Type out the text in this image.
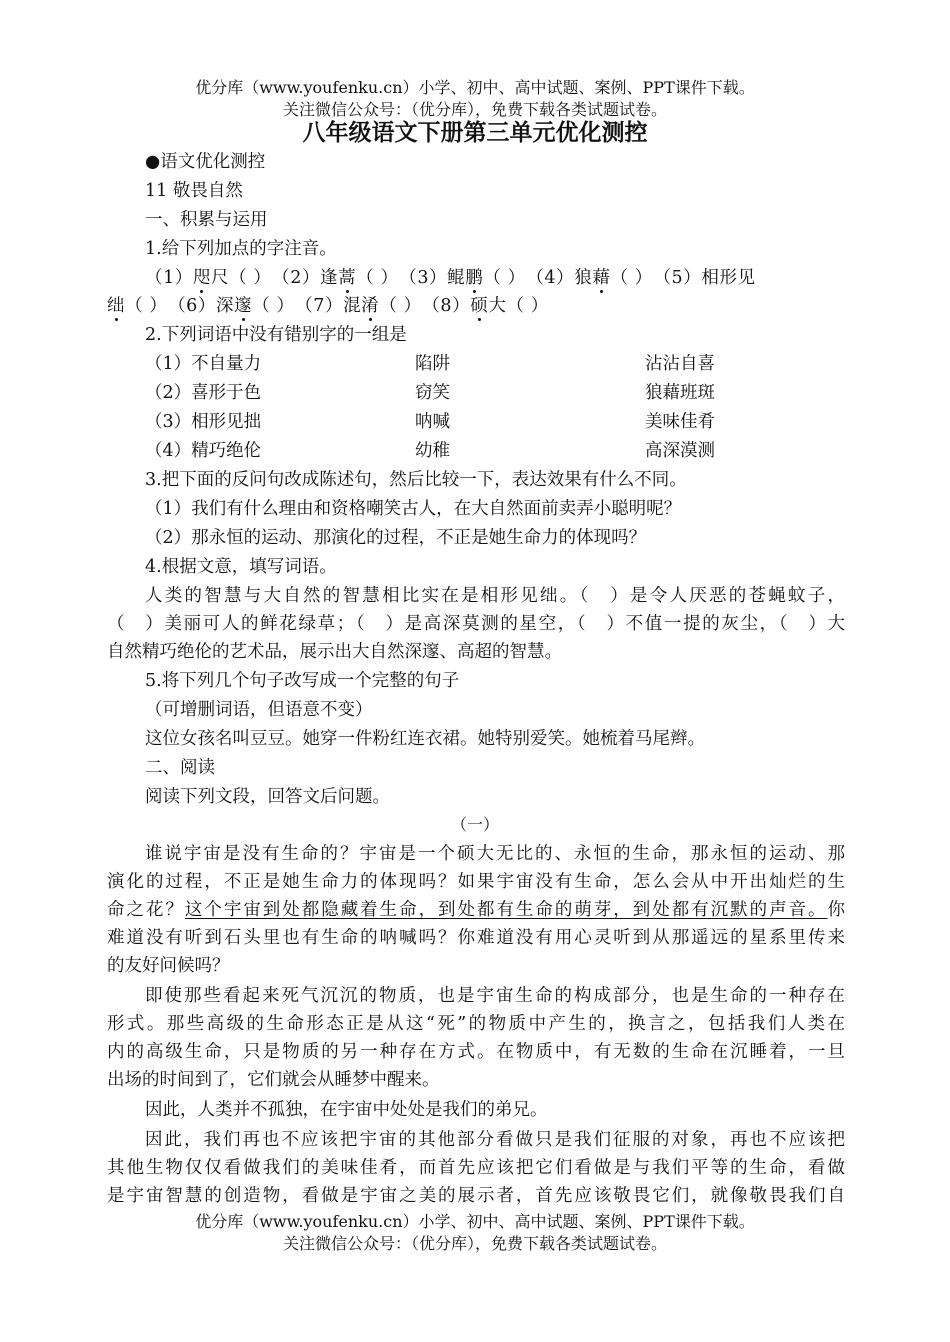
优分库（www.youfenku.cn）小学、初中、高中试题、案例、PPT课件下载。
关注微信公众号：（优分库），免费下载各类试题试卷。
八年级语文下册第三单元优化测控
●语文优化测控
11 敬畏自然
一、积累与运用
1.给下列加点的字注音。
（1）咫尺（ ）　（2）逢蒿（ ）　（3）鲲鹏（ ）　（4）狼藉（ ）　（5）相形见
绌（ ）　（6）深邃（ ）　（7）混淆（ ）　（8）硕大（ ）
2.下列词语中没有错别字的一组是
（1）不自量力	陷阱	沾沾自喜
（2）喜形于色	窃笑	狼藉班斑
（3）相形见拙	呐喊	美味佳肴
（4）精巧绝伦	幼稚	高深漠测
3.把下面的反问句改成陈述句，然后比较一下，表达效果有什么不同。
（1）我们有什么理由和资格嘲笑古人，在大自然面前卖弄小聪明呢？
（2）那永恒的运动、那演化的过程，不正是她生命力的体现吗？
4.根据文意，填写词语。
人类的智慧与大自然的智慧相比实在是相形见绌。（　）是令人厌恶的苍蝇蚊子，
（　）美丽可人的鲜花绿草；（　）是高深莫测的星空，（　）不值一提的灰尘，（　）大
自然精巧绝伦的艺术品，展示出大自然深邃、高超的智慧。
5.将下列几个句子改写成一个完整的句子
（可增删词语，但语意不变）
这位女孩名叫豆豆。她穿一件粉红连衣裙。她特别爱笑。她梳着马尾辫。
二、阅读
阅读下列文段，回答文后问题。
（一）
谁说宇宙是没有生命的？宇宙是一个硕大无比的、永恒的生命，那永恒的运动、那
演化的过程，不正是她生命力的体现吗？如果宇宙没有生命，怎么会从中开出灿烂的生
命之花？这个宇宙到处都隐藏着生命，到处都有生命的萌芽，到处都有沉默的声音。你
难道没有听到石头里也有生命的呐喊吗？你难道没有用心灵听到从那遥远的星系里传来
的友好问候吗？
即使那些看起来死气沉沉的物质，也是宇宙生命的构成部分，也是生命的一种存在
形式。那些高级的生命形态正是从这“死”的物质中产生的，换言之，包括我们人类在
内的高级生命，只是物质的另一种存在方式。在物质中，有无数的生命在沉睡着，一旦
出场的时间到了，它们就会从睡梦中醒来。
因此，人类并不孤独，在宇宙中处处是我们的弟兄。
因此，我们再也不应该把宇宙的其他部分看做只是我们征服的对象，再也不应该把
其他生物仅仅看做我们的美味佳肴，而首先应该把它们看做是与我们平等的生命，看做
是宇宙智慧的创造物，看做是宇宙之美的展示者，首先应该敬畏它们，就像敬畏我们自
优分库（www.youfenku.cn）小学、初中、高中试题、案例、PPT课件下载。
关注微信公众号：（优分库），免费下载各类试题试卷。
